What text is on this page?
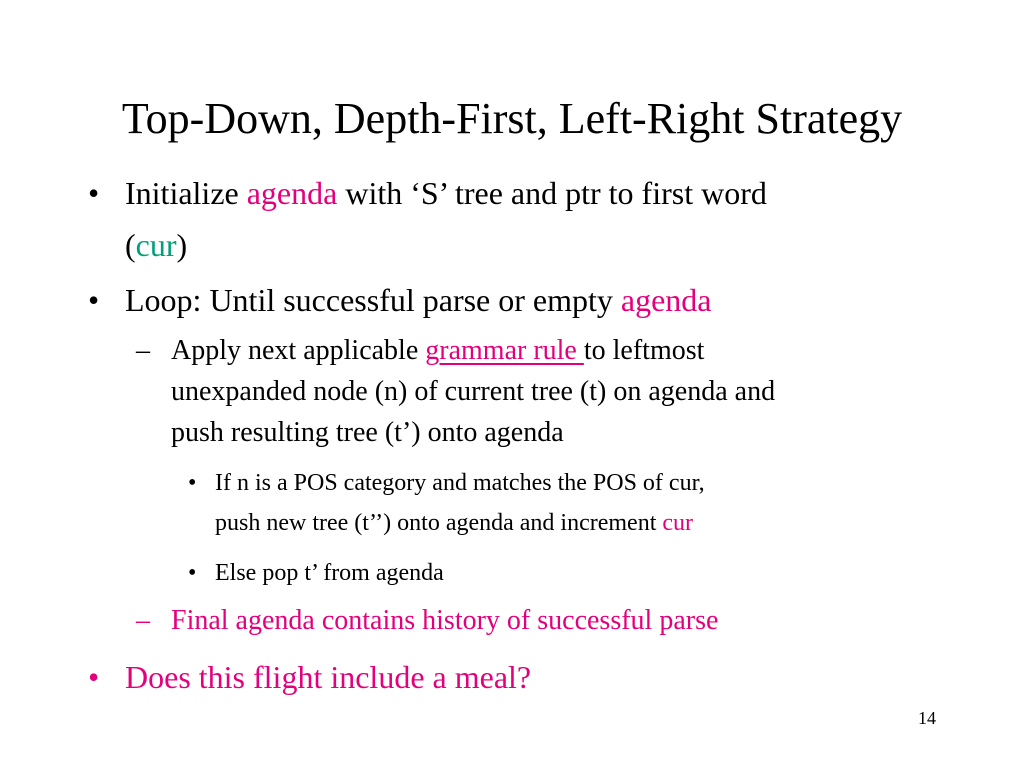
Top-Down, Depth-First, Left-Right Strategy
• Initialize agenda with ‘S’ tree and ptr to first word
(cur)
• Loop: Until successful parse or empty agenda
– Apply next applicable grammar rule to leftmost
unexpanded node (n) of current tree (t) on agenda and
push resulting tree (t’) onto agenda
• If n is a POS category and matches the POS of cur,
push new tree (t’’) onto agenda and increment cur
• Else pop t’ from agenda
– Final agenda contains history of successful parse
• Does this flight include a meal?
14
